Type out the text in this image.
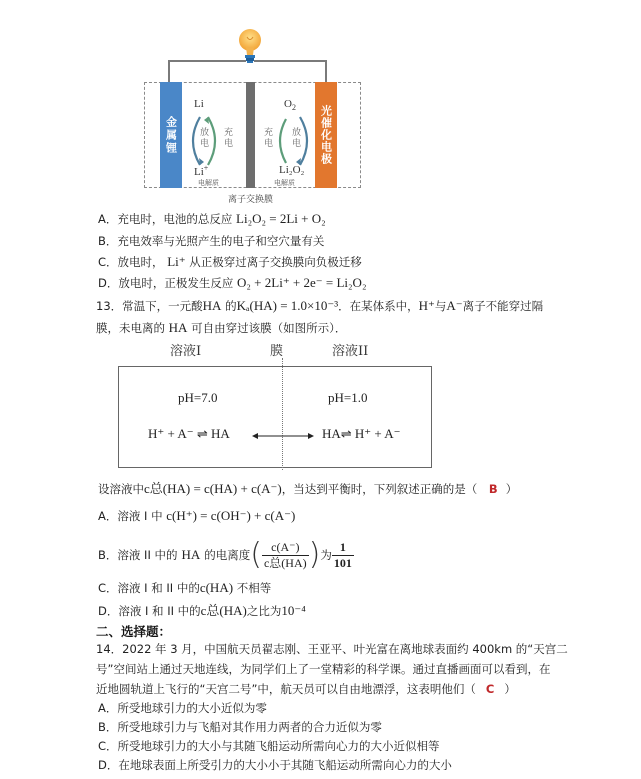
金属锂	光催化电极
Li
Li+
放电
充电
电解质
$O_2$
Li₂O₂
充电
放电
电解质
离子交换膜
A．充电时，电池的总反应 Li₂O₂ = 2Li + O₂
B．充电效率与光照产生的电子和空穴量有关
C．放电时， Li⁺ 从正极穿过离子交换膜向负极迁移
D．放电时，正极发生反应 O₂ + 2Li⁺ + 2e⁻ = Li₂O₂
13．常温下，一元酸HA 的Kₐ(HA) = 1.0×10⁻³．在某体系中，H⁺与A⁻离子不能穿过隔
膜，未电离的 HA 可自由穿过该膜（如图所示）．
溶液I	膜	溶液II
pH=7.0	pH=1.0
H⁺ + A⁻ ⇌ HA	HA⇌ H⁺ + A⁻
设溶液中c总(HA) = c(HA) + c(A⁻)，当达到平衡时，下列叙述正确的是（ B ）
A．溶液 I 中 c(H⁺) = c(OH⁻) + c(A⁻)
B． 溶液 II 中的 HA 的电离度 ( $\frac{c(A^-)}{\text{c总(HA)}}$ ) 为 $\frac{1}{101}$
C．溶液 I 和 II 中的c(HA) 不相等
D．溶液 I 和 II 中的c总(HA)之比为10⁻⁴
二、选择题：
14．2022 年 3 月，中国航天员翟志刚、王亚平、叶光富在离地球表面约 400km 的“天宫二
号”空间站上通过天地连线，为同学们上了一堂精彩的科学课。通过直播画面可以看到，在
近地圆轨道上飞行的“天宫二号”中，航天员可以自由地漂浮，这表明他们（ C ）
A．所受地球引力的大小近似为零
B．所受地球引力与飞船对其作用力两者的合力近似为零
C．所受地球引力的大小与其随飞船运动所需向心力的大小近似相等
D．在地球表面上所受引力的大小小于其随飞船运动所需向心力的大小
